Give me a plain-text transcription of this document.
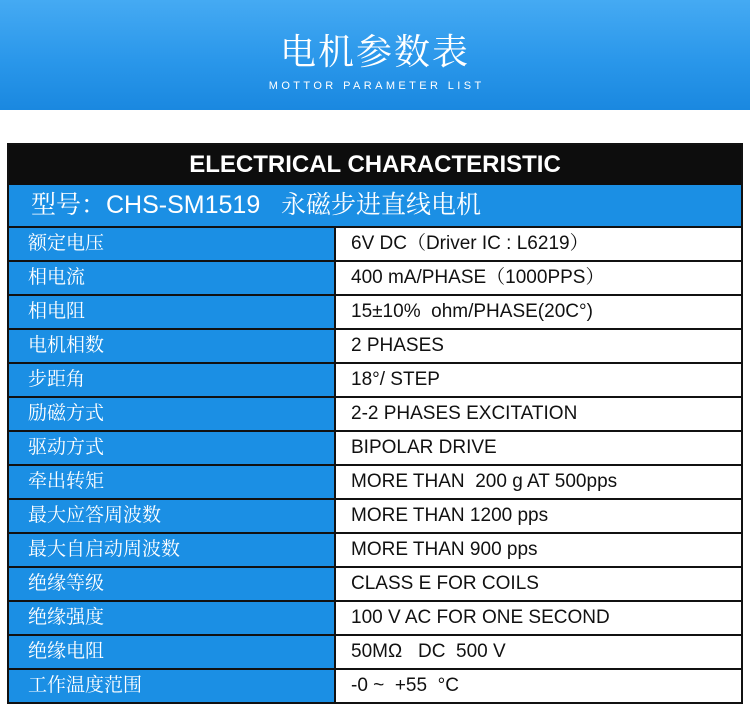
电机参数表
MOTTOR PARAMETER LIST
ELECTRICAL CHARACTERISTIC
型号：CHS-SM1519   永磁步进直线电机
额定电压	6V DC（Driver IC : L6219）
相电流	400 mA/PHASE（1000PPS）
相电阻	15±10%  ohm/PHASE(20C°)
电机相数	2 PHASES
步距角	18°/ STEP
励磁方式	2-2 PHASES EXCITATION
驱动方式	BIPOLAR DRIVE
牵出转矩	MORE THAN  200 g AT 500pps
最大应答周波数	MORE THAN 1200 pps
最大自启动周波数	MORE THAN 900 pps
绝缘等级	CLASS E FOR COILS
绝缘强度	100 V AC FOR ONE SECOND
绝缘电阻	50MΩ   DC  500 V
工作温度范围	-0 ~  +55  °C
